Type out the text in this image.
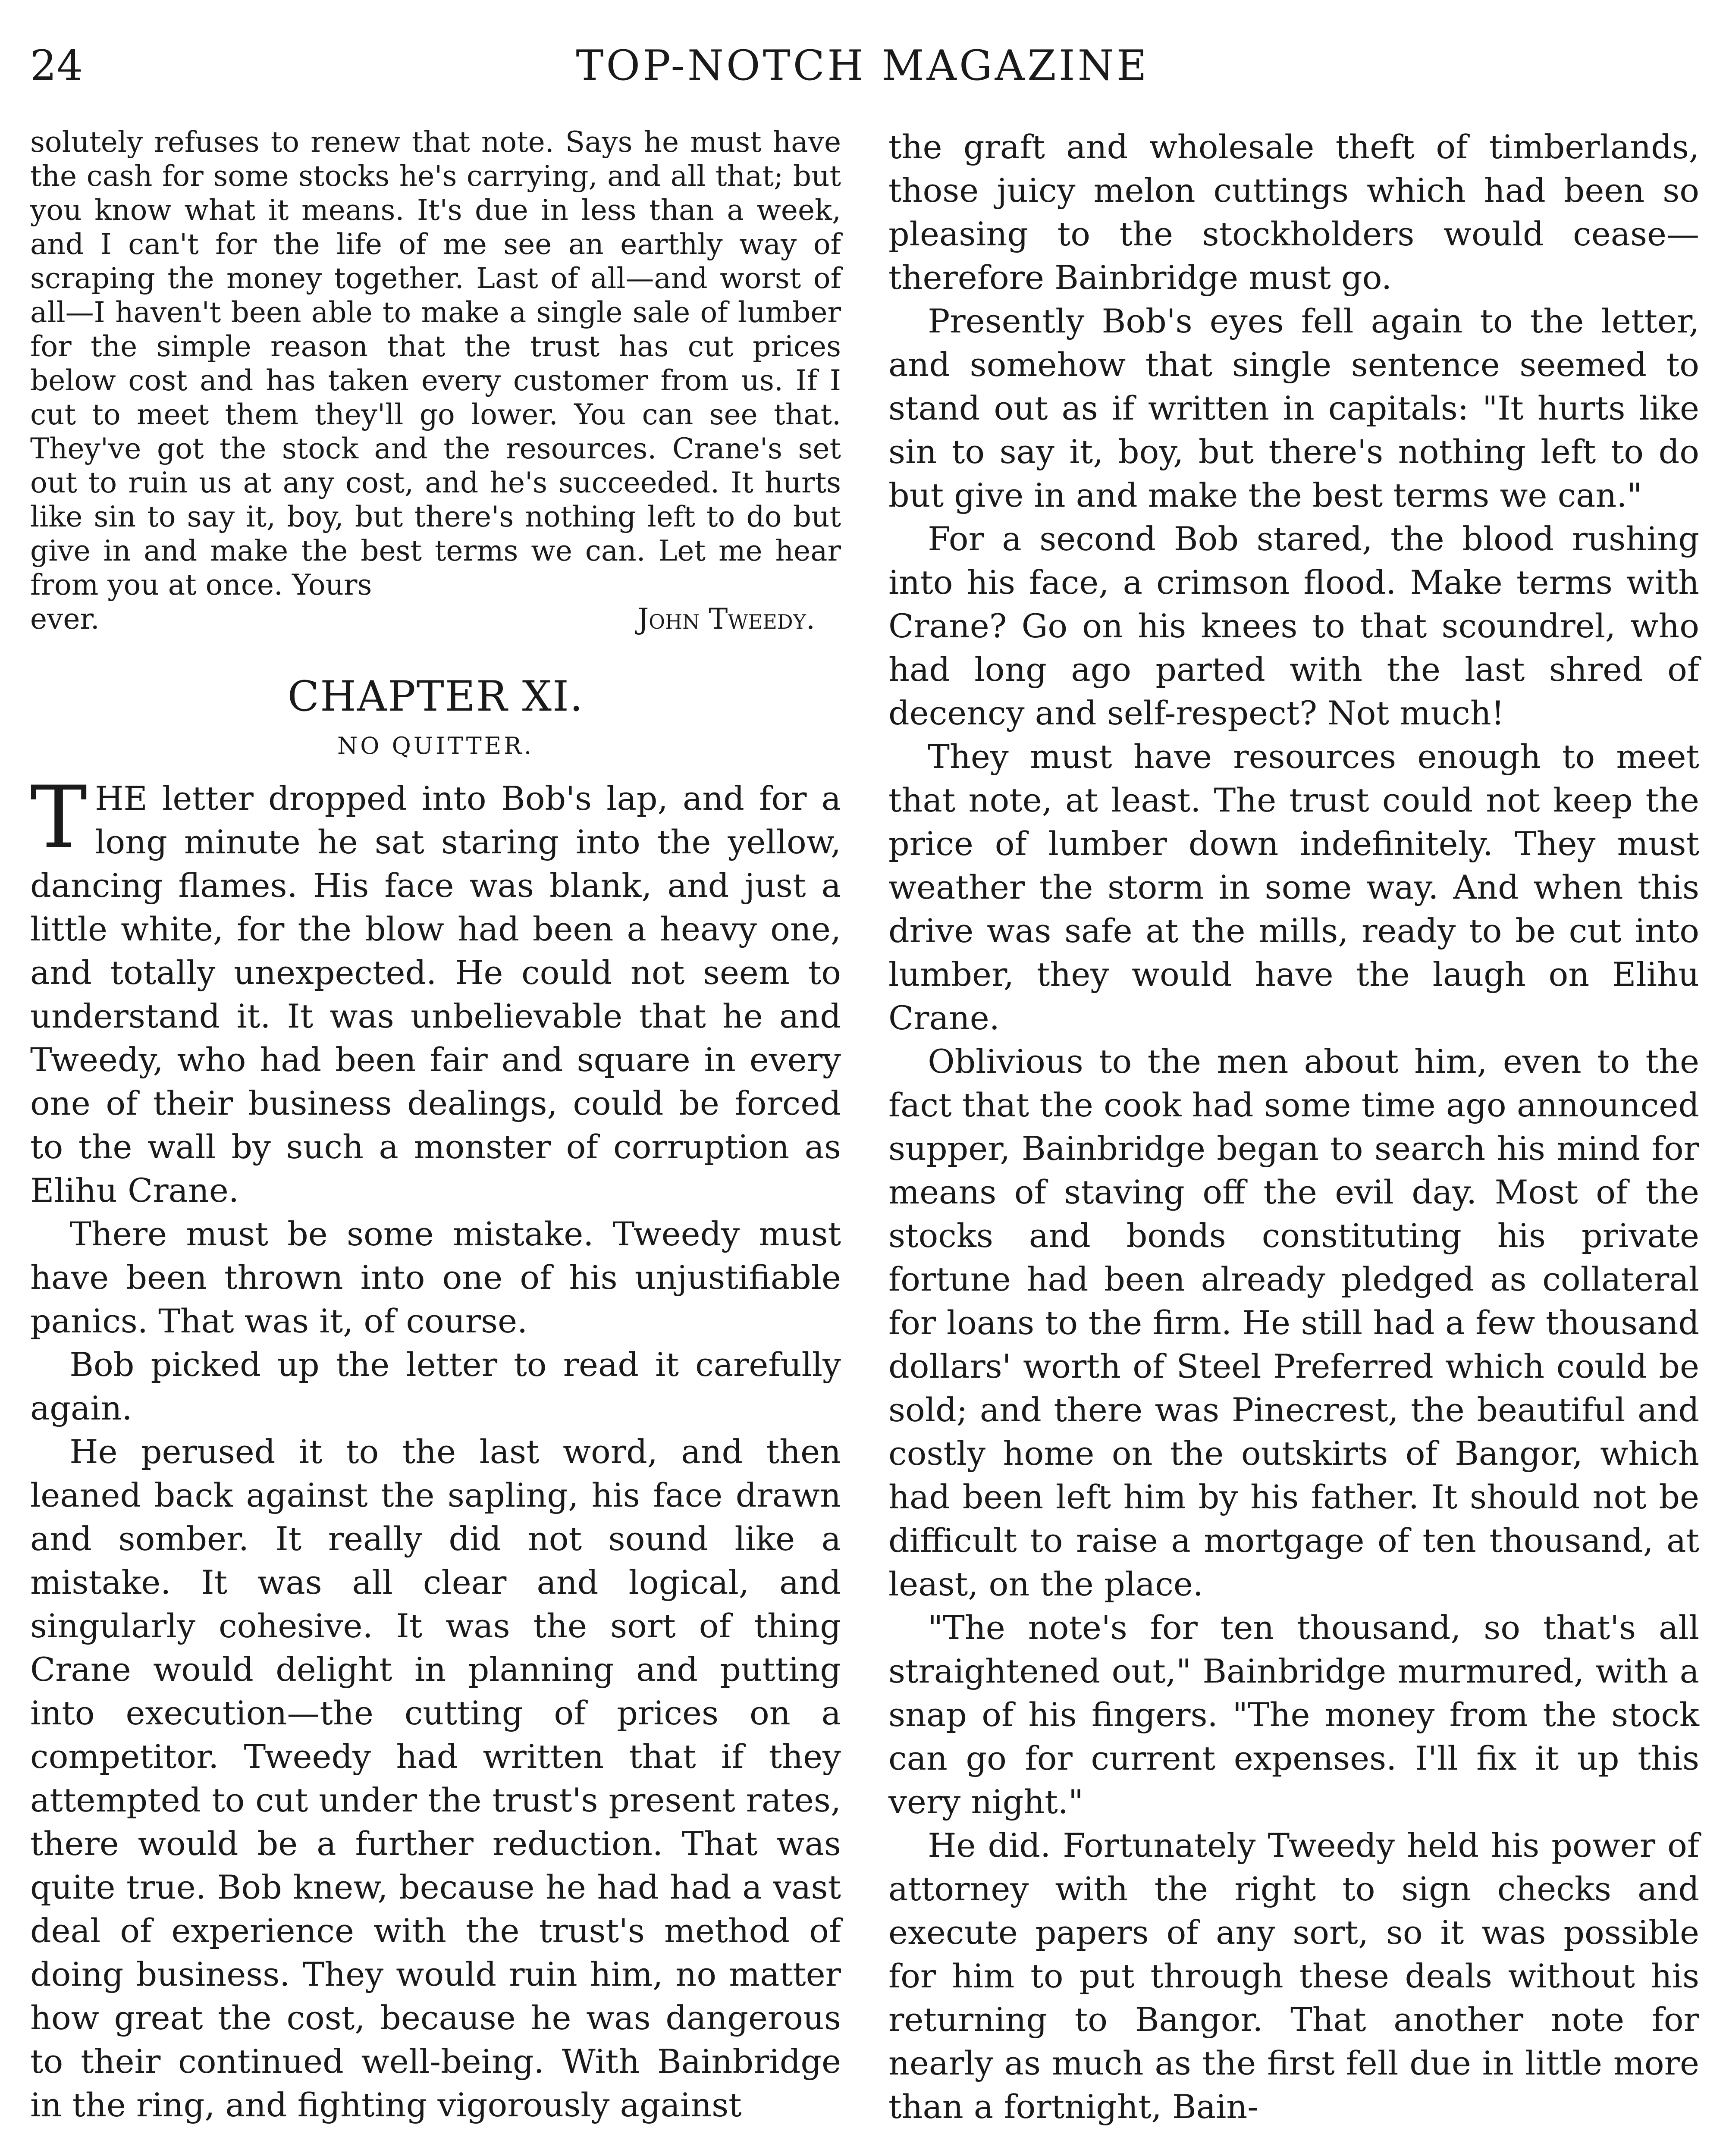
24	TOP-NOTCH MAGAZINE

solutely refuses to renew that note. Says he must have the cash for some stocks he's carrying, and all that; but you know what it means. It's due in less than a week, and I can't for the life of me see an earthly way of scraping the money together. Last of all—and worst of all—I haven't been able to make a single sale of lumber for the simple reason that the trust has cut prices below cost and has taken every customer from us. If I cut to meet them they'll go lower. You can see that. They've got the stock and the resources. Crane's set out to ruin us at any cost, and he's succeeded. It hurts like sin to say it, boy, but there's nothing left to do but give in and make the best terms we can. Let me hear from you at once. Yours

ever.	John Tweedy.
CHAPTER XI.
NO QUITTER.

THE letter dropped into Bob's lap, and for a long minute he sat staring into the yellow, dancing flames. His face was blank, and just a little white, for the blow had been a heavy one, and totally unexpected. He could not seem to understand it. It was unbelievable that he and Tweedy, who had been fair and square in every one of their business dealings, could be forced to the wall by such a monster of corruption as Elihu Crane.

There must be some mistake. Tweedy must have been thrown into one of his unjustifiable panics. That was it, of course.

Bob picked up the letter to read it carefully again.

He perused it to the last word, and then leaned back against the sapling, his face drawn and somber. It really did not sound like a mistake. It was all clear and logical, and singularly cohesive. It was the sort of thing Crane would delight in planning and putting into execution—the cutting of prices on a competitor. Tweedy had written that if they attempted to cut under the trust's present rates, there would be a further reduction. That was quite true. Bob knew, because he had had a vast deal of experience with the trust's method of doing business. They would ruin him, no matter how great the cost, because he was dangerous to their continued well-being. With Bainbridge in the ring, and fighting vigorously against

the graft and wholesale theft of timberlands, those juicy melon cuttings which had been so pleasing to the stockholders would cease—therefore Bainbridge must go.

Presently Bob's eyes fell again to the letter, and somehow that single sentence seemed to stand out as if written in capitals: "It hurts like sin to say it, boy, but there's nothing left to do but give in and make the best terms we can."

For a second Bob stared, the blood rushing into his face, a crimson flood. Make terms with Crane? Go on his knees to that scoundrel, who had long ago parted with the last shred of decency and self-respect? Not much!

They must have resources enough to meet that note, at least. The trust could not keep the price of lumber down indefinitely. They must weather the storm in some way. And when this drive was safe at the mills, ready to be cut into lumber, they would have the laugh on Elihu Crane.

Oblivious to the men about him, even to the fact that the cook had some time ago announced supper, Bainbridge began to search his mind for means of staving off the evil day. Most of the stocks and bonds constituting his private fortune had been already pledged as collateral for loans to the firm. He still had a few thousand dollars' worth of Steel Preferred which could be sold; and there was Pinecrest, the beautiful and costly home on the outskirts of Bangor, which had been left him by his father. It should not be difficult to raise a mortgage of ten thousand, at least, on the place.

"The note's for ten thousand, so that's all straightened out," Bainbridge murmured, with a snap of his fingers. "The money from the stock can go for current expenses. I'll fix it up this very night."

He did. Fortunately Tweedy held his power of attorney with the right to sign checks and execute papers of any sort, so it was possible for him to put through these deals without his returning to Bangor. That another note for nearly as much as the first fell due in little more than a fortnight, Bain-
